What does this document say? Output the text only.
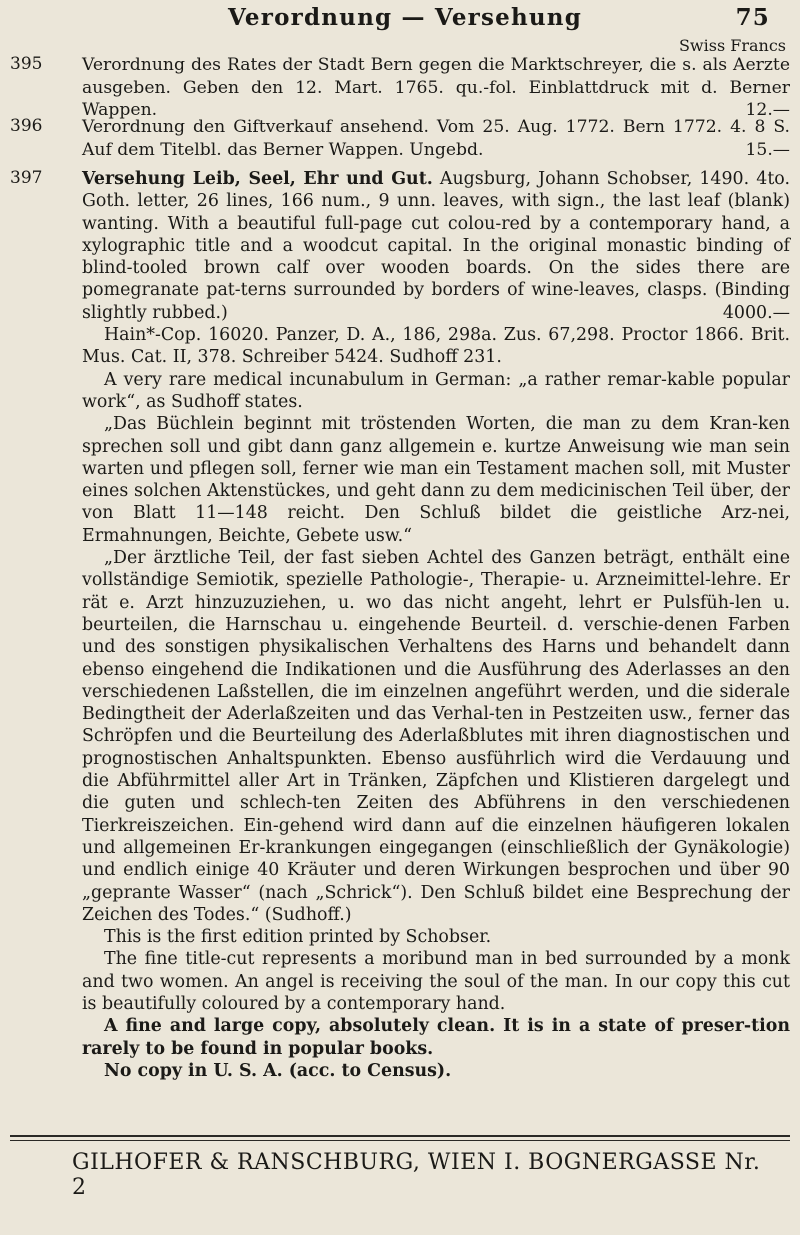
Verordnung — Versehung	75
Swiss Francs
395	Verordnung des Rates der Stadt Bern gegen die Marktschreyer, die s. als Aerzte ausgeben. Geben den 12. Mart. 1765. qu.-fol. Einblattdruck mit d. Berner Wappen.	12.—
396	Verordnung den Giftverkauf ansehend. Vom 25. Aug. 1772. Bern 1772. 4. 8 S. Auf dem Titelbl. das Berner Wappen. Ungebd.	15.—
397	Versehung Leib, Seel, Ehr und Gut. Augsburg, Johann Schobser, 1490. 4to. Goth. letter, 26 lines, 166 num., 9 unn. leaves, with sign., the last leaf (blank) wanting. With a beautiful full-page cut colou-red by a contemporary hand, a xylographic title and a woodcut capital. In the original monastic binding of blind-tooled brown calf over wooden boards. On the sides there are pomegranate pat-terns surrounded by borders of wine-leaves, clasps. (Binding slightly rubbed.)	4000.—

Hain*-Cop. 16020. Panzer, D. A., 186, 298a. Zus. 67,298. Proctor 1866. Brit. Mus. Cat. II, 378. Schreiber 5424. Sudhoff 231.

A very rare medical incunabulum in German: „a rather remar-kable popular work“, as Sudhoff states.

„Das Büchlein beginnt mit tröstenden Worten, die man zu dem Kran-ken sprechen soll und gibt dann ganz allgemein e. kurtze Anweisung wie man sein warten und pflegen soll, ferner wie man ein Testament machen soll, mit Muster eines solchen Aktenstückes, und geht dann zu dem medicinischen Teil über, der von Blatt 11—148 reicht. Den Schluß bildet die geistliche Arz-nei, Ermahnungen, Beichte, Gebete usw.“

„Der ärztliche Teil, der fast sieben Achtel des Ganzen beträgt, enthält eine vollständige Semiotik, spezielle Pathologie-, Therapie- u. Arzneimittel-lehre. Er rät e. Arzt hinzuzuziehen, u. wo das nicht angeht, lehrt er Pulsfüh-len u. beurteilen, die Harnschau u. eingehende Beurteil. d. verschie-denen Farben und des sonstigen physikalischen Verhaltens des Harns und behandelt dann ebenso eingehend die Indikationen und die Ausführung des Aderlasses an den verschiedenen Laßstellen, die im einzelnen angeführt werden, und die siderale Bedingtheit der Aderlaßzeiten und das Verhal-ten in Pestzeiten usw., ferner das Schröpfen und die Beurteilung des Aderlaßblutes mit ihren diagnostischen und prognostischen Anhaltspunkten. Ebenso ausführlich wird die Verdauung und die Abführmittel aller Art in Tränken, Zäpfchen und Klistieren dargelegt und die guten und schlech-ten Zeiten des Abführens in den verschiedenen Tierkreiszeichen. Ein-gehend wird dann auf die einzelnen häufigeren lokalen und allgemeinen Er-krankungen eingegangen (einschließlich der Gynäkologie) und endlich einige 40 Kräuter und deren Wirkungen besprochen und über 90 „geprante Wasser“ (nach „Schrick“). Den Schluß bildet eine Besprechung der Zeichen des Todes.“ (Sudhoff.)

This is the first edition printed by Schobser.

The fine title-cut represents a moribund man in bed surrounded by a monk and two women. An angel is receiving the soul of the man. In our copy this cut is beautifully coloured by a contemporary hand.

A fine and large copy, absolutely clean. It is in a state of preser-tion rarely to be found in popular books.

No copy in U. S. A. (acc. to Census).

GILHOFER & RANSCHBURG, WIEN I. BOGNERGASSE Nr. 2
